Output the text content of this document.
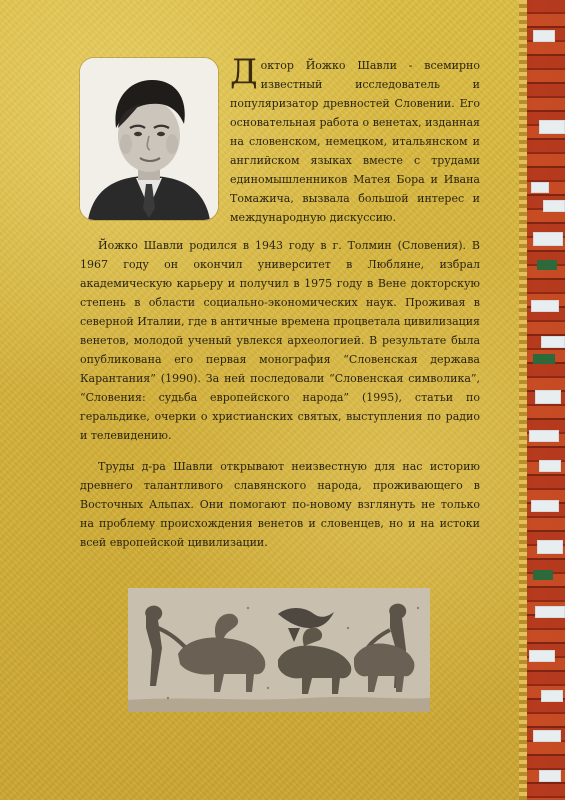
Доктор Йожко Шавли - всемирно известный исследователь и популяризатор древностей Словении. Его основательная работа о венетах, изданная на словенском, немецком, итальянском и английском языках вместе с трудами единомышленников Матея Бора и Ивана Томажича, вызвала большой интерес и международную дискуссию.

Йожко Шавли родился в 1943 году в г. Толмин (Словения). В 1967 году он окончил университет в Любляне, избрал академическую карьеру и получил в 1975 году в Вене докторскую степень в области социально-экономических наук. Проживая в северной Италии, где в античные времена процветала цивилизация венетов, молодой ученый увлекся археологией. В результате была опубликована его первая монография “Словенская держава Карантания” (1990). За ней последовали “Словенская символика”, “Словения: судьба европейского народа” (1995), статьи по геральдике, очерки о христианских святых, выступления по радио и телевидению.

Труды д-ра Шавли открывают неизвестную для нас историю древнего талантливого славянского народа, проживающего в Восточных Альпах. Они помогают по-новому взглянуть не только на проблему происхождения венетов и словенцев, но и на истоки всей европейской цивилизации.
